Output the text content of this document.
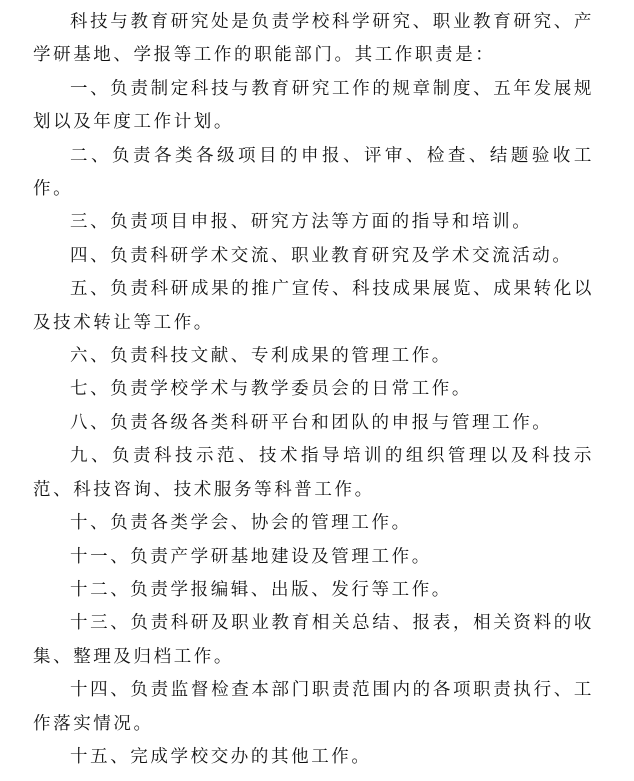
科技与教育研究处是负责学校科学研究、职业教育研究、产学研基地、学报等工作的职能部门。其工作职责是：

一、负责制定科技与教育研究工作的规章制度、五年发展规划以及年度工作计划。

二、负责各类各级项目的申报、评审、检查、结题验收工作。

三、负责项目申报、研究方法等方面的指导和培训。

四、负责科研学术交流、职业教育研究及学术交流活动。

五、负责科研成果的推广宣传、科技成果展览、成果转化以及技术转让等工作。

六、负责科技文献、专利成果的管理工作。

七、负责学校学术与教学委员会的日常工作。

八、负责各级各类科研平台和团队的申报与管理工作。

九、负责科技示范、技术指导培训的组织管理以及科技示范、科技咨询、技术服务等科普工作。

十、负责各类学会、协会的管理工作。

十一、负责产学研基地建设及管理工作。

十二、负责学报编辑、出版、发行等工作。

十三、负责科研及职业教育相关总结、报表，相关资料的收集、整理及归档工作。

十四、负责监督检查本部门职责范围内的各项职责执行、工作落实情况。

十五、完成学校交办的其他工作。
